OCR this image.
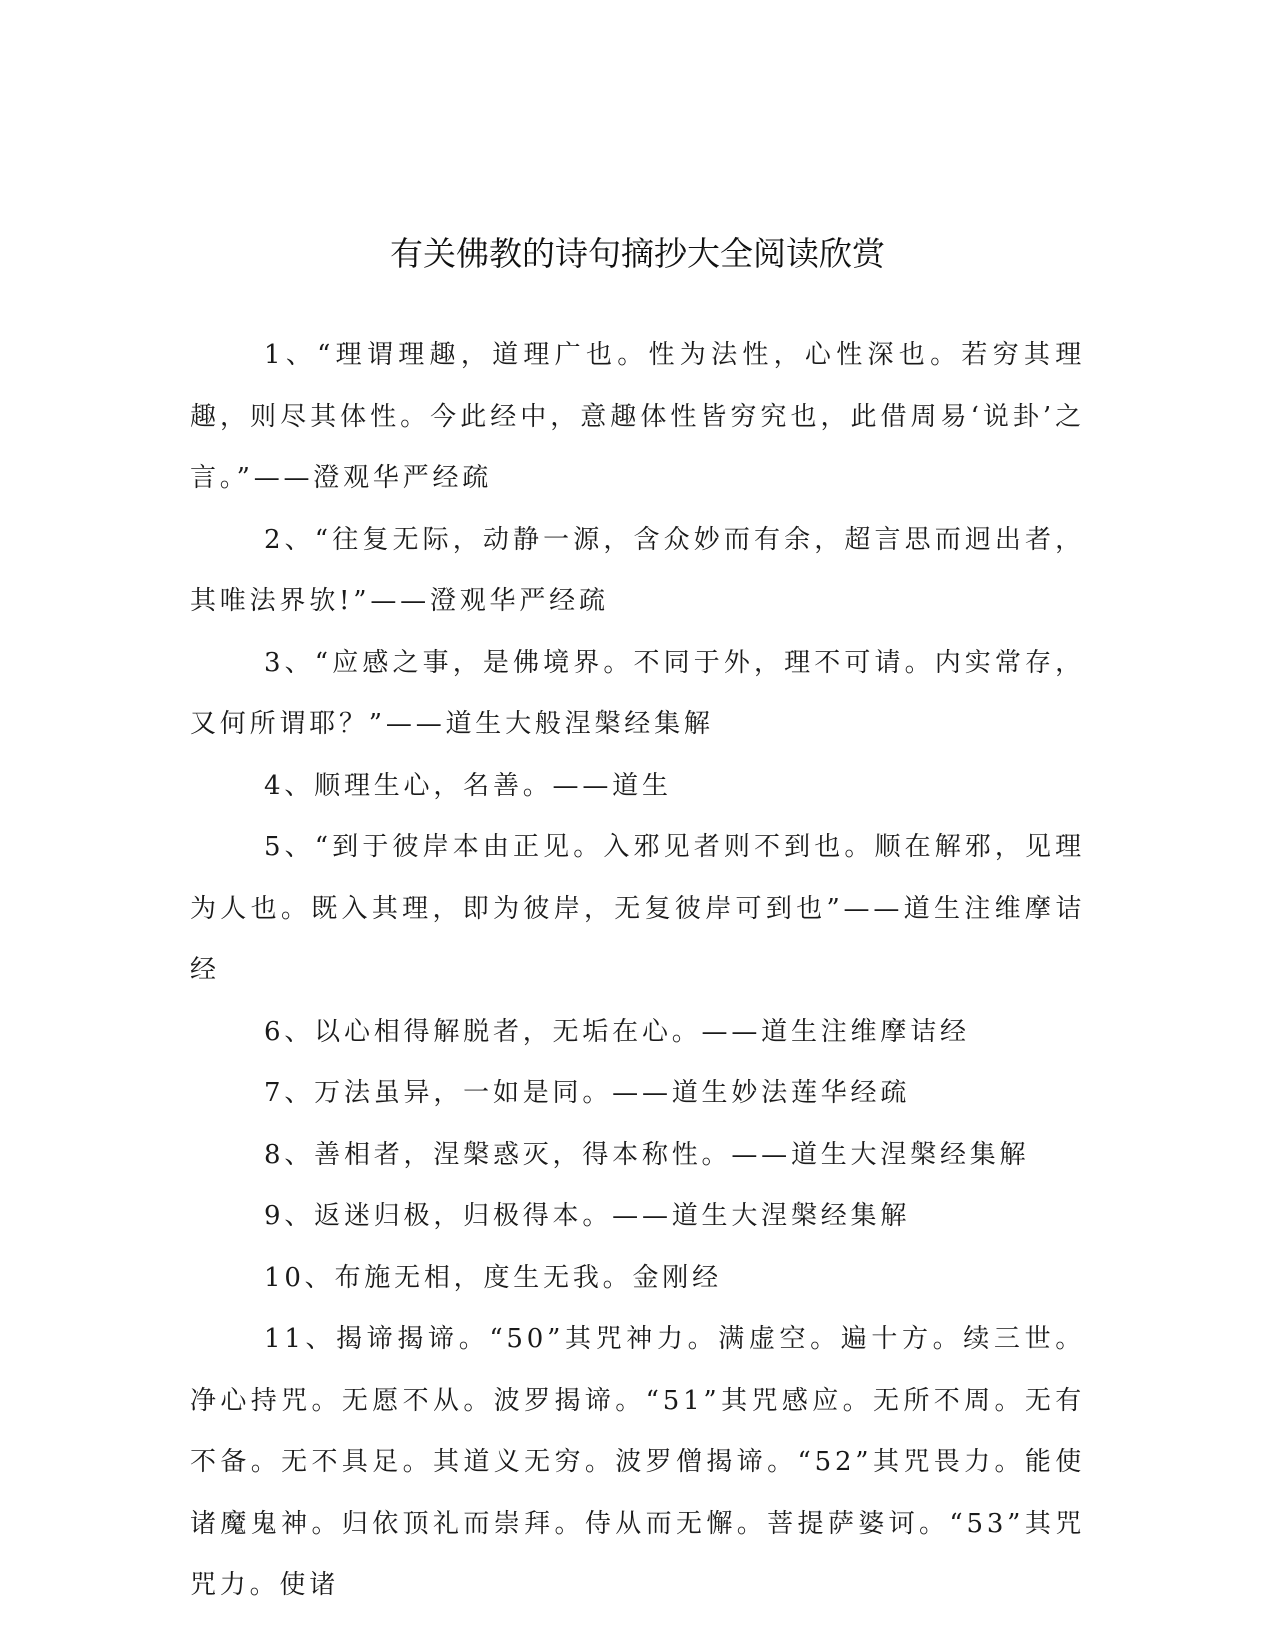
有关佛教的诗句摘抄大全阅读欣赏

1、“理谓理趣，道理广也。性为法性，心性深也。若穷其理趣，则尽其体性。今此经中，意趣体性皆穷究也，此借周易‘说卦’之言。”——澄观华严经疏

2、“往复无际，动静一源，含众妙而有余，超言思而迥出者，其唯法界欤!”——澄观华严经疏

3、“应感之事，是佛境界。不同于外，理不可请。内实常存，又何所谓耶？”——道生大般涅槃经集解

4、顺理生心，名善。——道生

5、“到于彼岸本由正见。入邪见者则不到也。顺在解邪，见理为人也。既入其理，即为彼岸，无复彼岸可到也”——道生注维摩诘经

6、以心相得解脱者，无垢在心。——道生注维摩诘经

7、万法虽异，一如是同。——道生妙法莲华经疏

8、善相者，涅槃惑灭，得本称性。——道生大涅槃经集解

9、返迷归极，归极得本。——道生大涅槃经集解

10、布施无相，度生无我。金刚经

11、揭谛揭谛。“50”其咒神力。满虚空。遍十方。续三世。净心持咒。无愿不从。波罗揭谛。“51”其咒感应。无所不周。无有不备。无不具足。其道义无穷。波罗僧揭谛。“52”其咒畏力。能使诸魔鬼神。归依顶礼而崇拜。侍从而无懈。菩提萨婆诃。“53”其咒咒力。使诸
